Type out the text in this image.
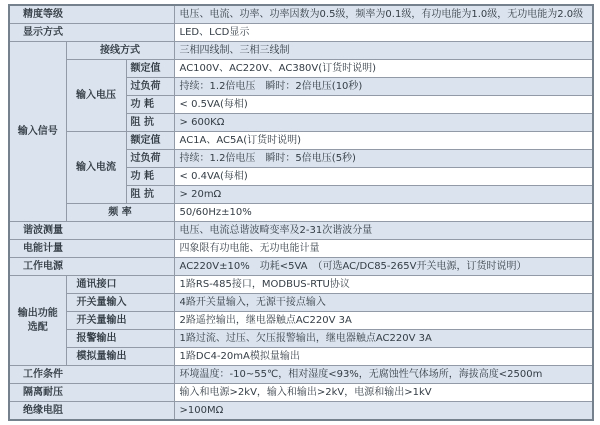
精度等级			电压、电流、功率、功率因数为0.5级，频率为0.1级，有功电能为1.0级，无功电能为2.0级
显示方式			LED、LCD显示
输入信号	接线方式		三相四线制、三相三线制
	输入电压	额定值	AC100V、AC220V、AC380V(订货时说明)
		过负荷	持续：1.2倍电压　瞬时：2倍电压(10秒)
		功 耗	< 0.5VA(每相)
		阻 抗	> 600KΩ
	输入电流	额定值	AC1A、AC5A(订货时说明)
		过负荷	持续：1.2倍电压　瞬时：5倍电压(5秒)
		功 耗	< 0.4VA(每相)
		阻 抗	> 20mΩ
	频 率		50/60Hz±10%
谐波测量			电压、电流总谐波畸变率及2-31次谐波分量
电能计量			四象限有功电能、无功电能计量
工作电源			AC220V±10%　功耗<5VA　（可选AC/DC85-265V开关电源，订货时说明）

输出功能
选配	通讯接口		1路RS-485接口，MODBUS-RTU协议
	开关量输入		4路开关量输入，无源干接点输入
	开关量输出		2路遥控输出，继电器触点AC220V 3A
	报警输出		1路过流、过压、欠压报警输出，继电器触点AC220V 3A
	模拟量输出		1路DC4-20mA模拟量输出
工作条件			环境温度：-10~55℃，相对湿度<93%，无腐蚀性气体场所，海拔高度<2500m
隔离耐压			输入和电源>2kV，输入和输出>2kV，电源和输出>1kV
绝缘电阻			>100MΩ
